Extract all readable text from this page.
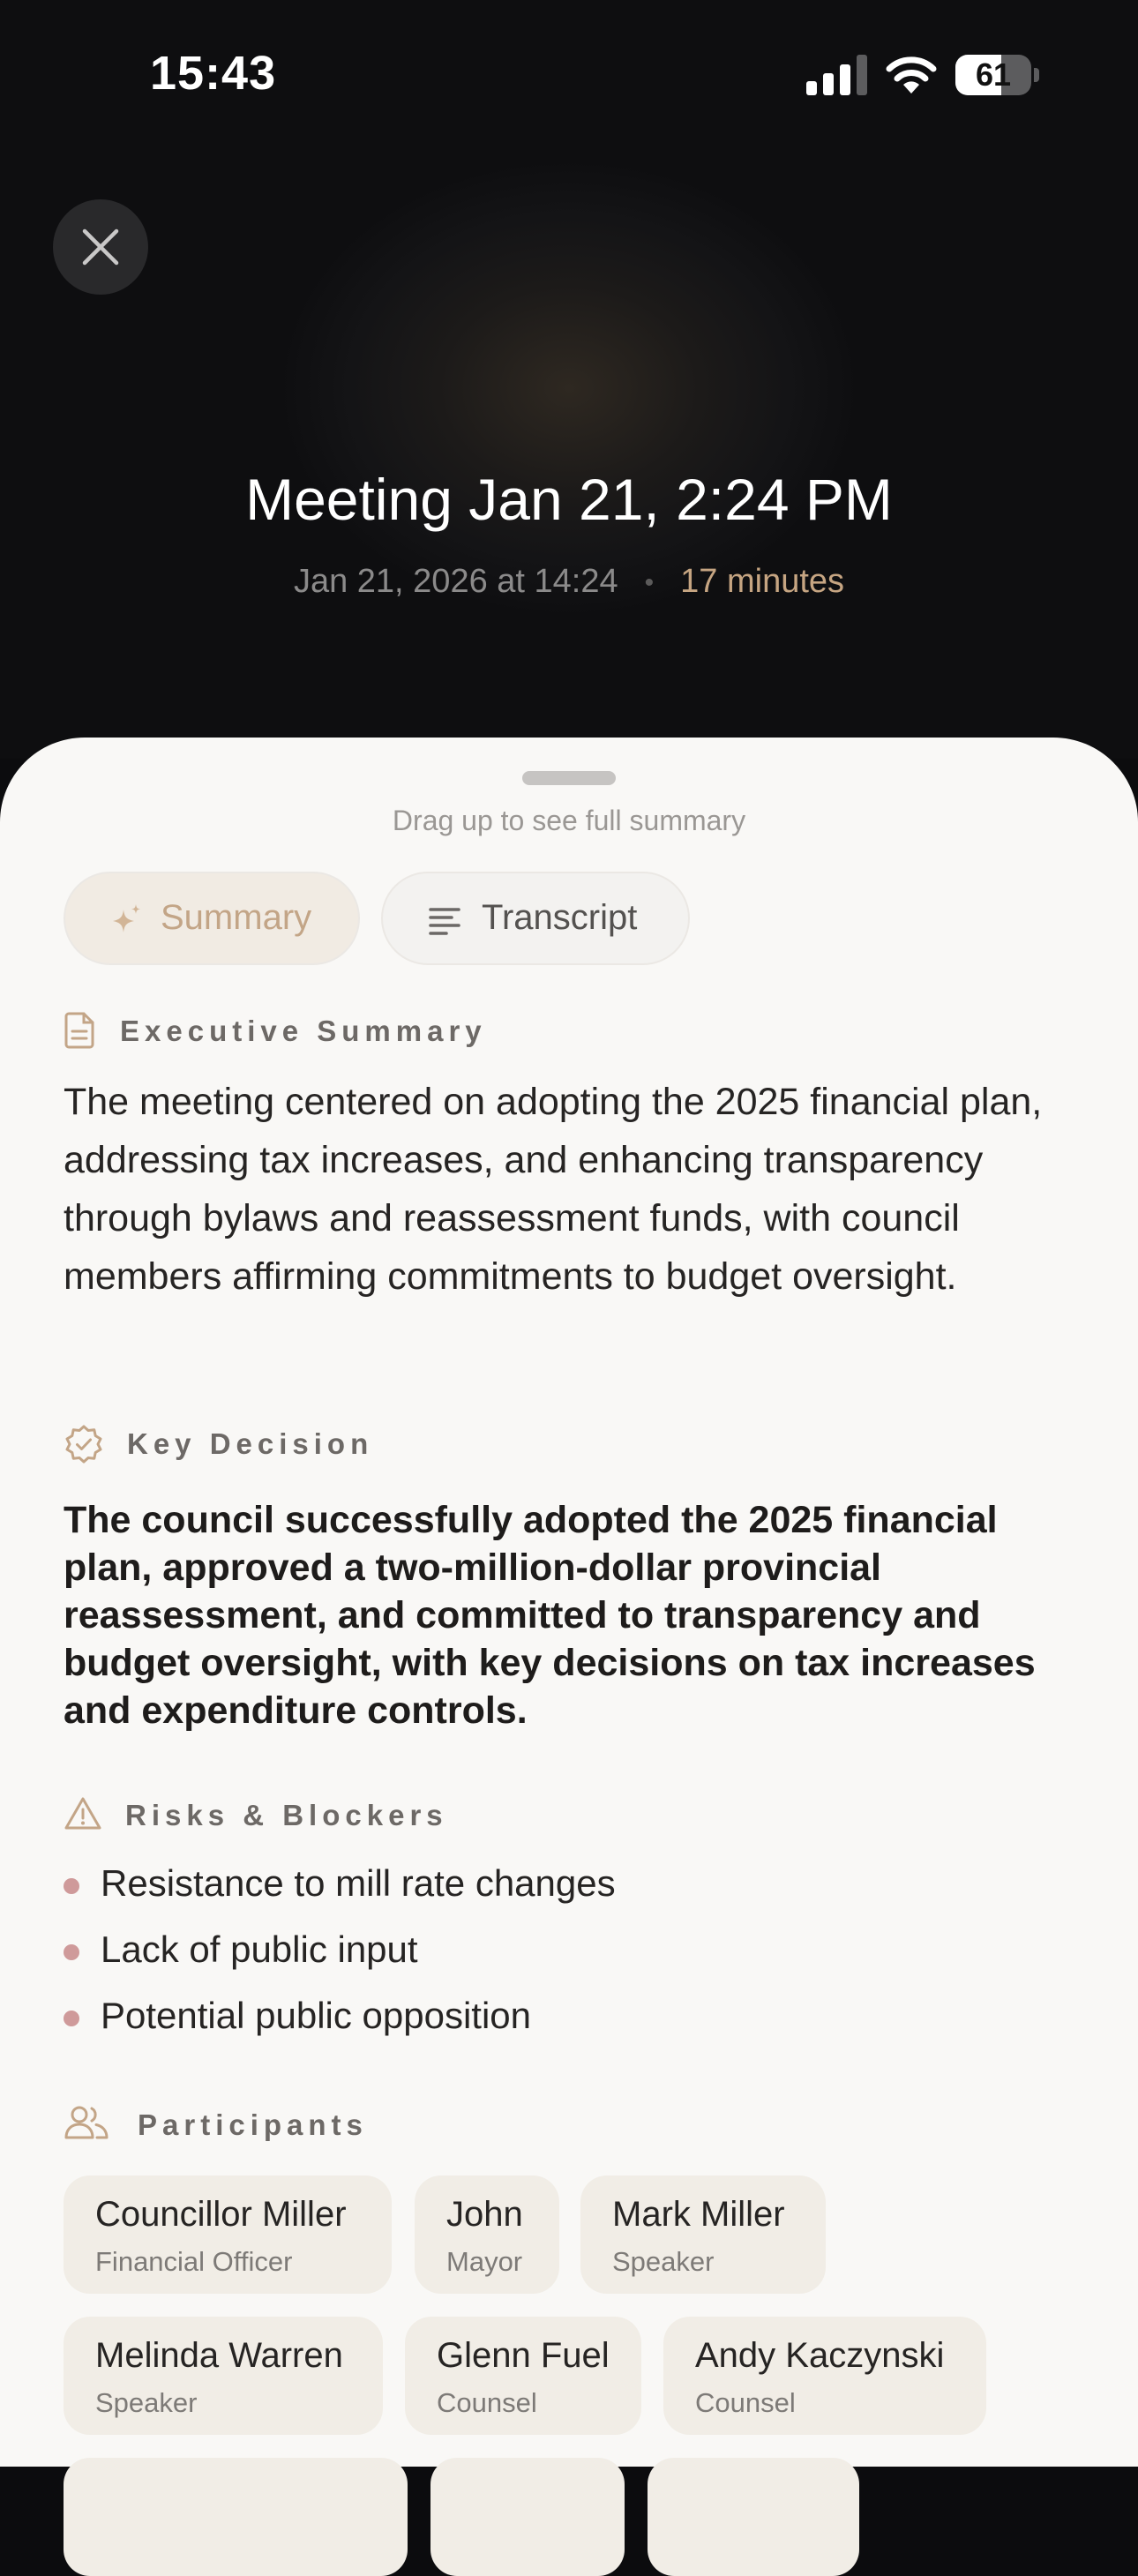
15:43	61
Meeting Jan 21, 2:24 PM
Jan 21, 2026 at 14:24 • 17 minutes
Drag up to see full summary
Summary	Transcript
Executive Summary
The meeting centered on adopting the 2025 financial plan, addressing tax increases, and enhancing transparency through bylaws and reassessment funds, with council members affirming commitments to budget oversight.
Key Decision
The council successfully adopted the 2025 financial plan, approved a two-million-dollar provincial reassessment, and committed to transparency and budget oversight, with key decisions on tax increases and expenditure controls.
Risks & Blockers
Resistance to mill rate changes
Lack of public input
Potential public opposition
Participants
Councillor Miller
Financial Officer
John
Mayor
Mark Miller
Speaker
Melinda Warren
Speaker
Glenn Fuel
Counsel
Andy Kaczynski
Counsel
